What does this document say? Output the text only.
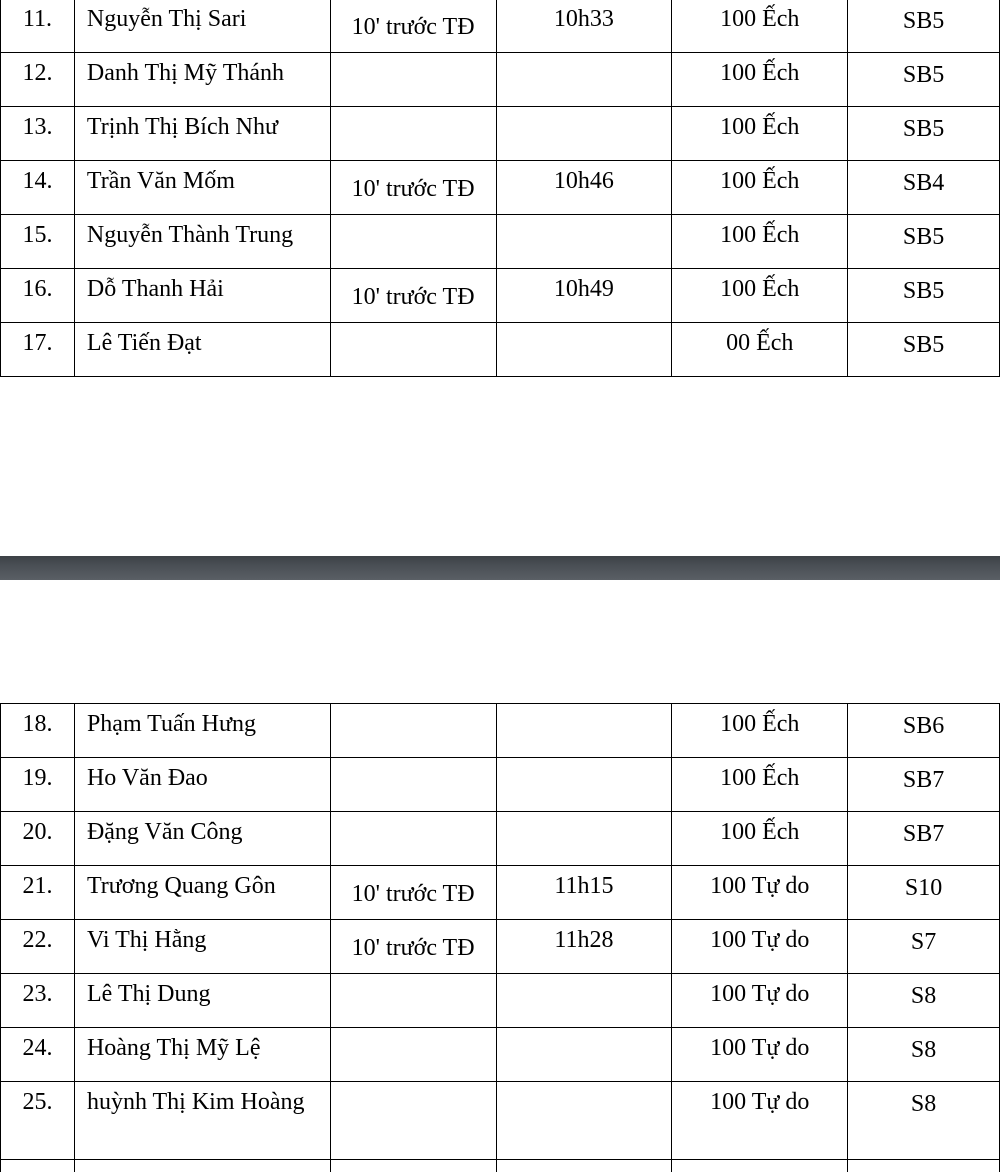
11.	Nguyễn Thị Sari	10' trước TĐ	10h33	100 Ếch	SB5
12.	Danh Thị Mỹ Thánh			100 Ếch	SB5
13.	Trịnh Thị Bích Như			100 Ếch	SB5
14.	Trần Văn Mốm	10' trước TĐ	10h46	100 Ếch	SB4
15.	Nguyễn Thành Trung			100 Ếch	SB5
16.	Dỗ Thanh Hải	10' trước TĐ	10h49	100 Ếch	SB5
17.	Lê Tiến Đạt			00 Ếch	SB5
18.	Phạm Tuấn Hưng			100 Ếch	SB6
19.	Ho Văn Đao			100 Ếch	SB7
20.	Đặng Văn Công			100 Ếch	SB7
21.	Trương Quang Gôn	10' trước TĐ	11h15	100 Tự do	S10
22.	Vi Thị Hằng	10' trước TĐ	11h28	100 Tự do	S7
23.	Lê Thị Dung			100 Tự do	S8
24.	Hoàng Thị Mỹ Lệ			100 Tự do	S8
25.	huỳnh Thị Kim Hoàng			100 Tự do	S8
